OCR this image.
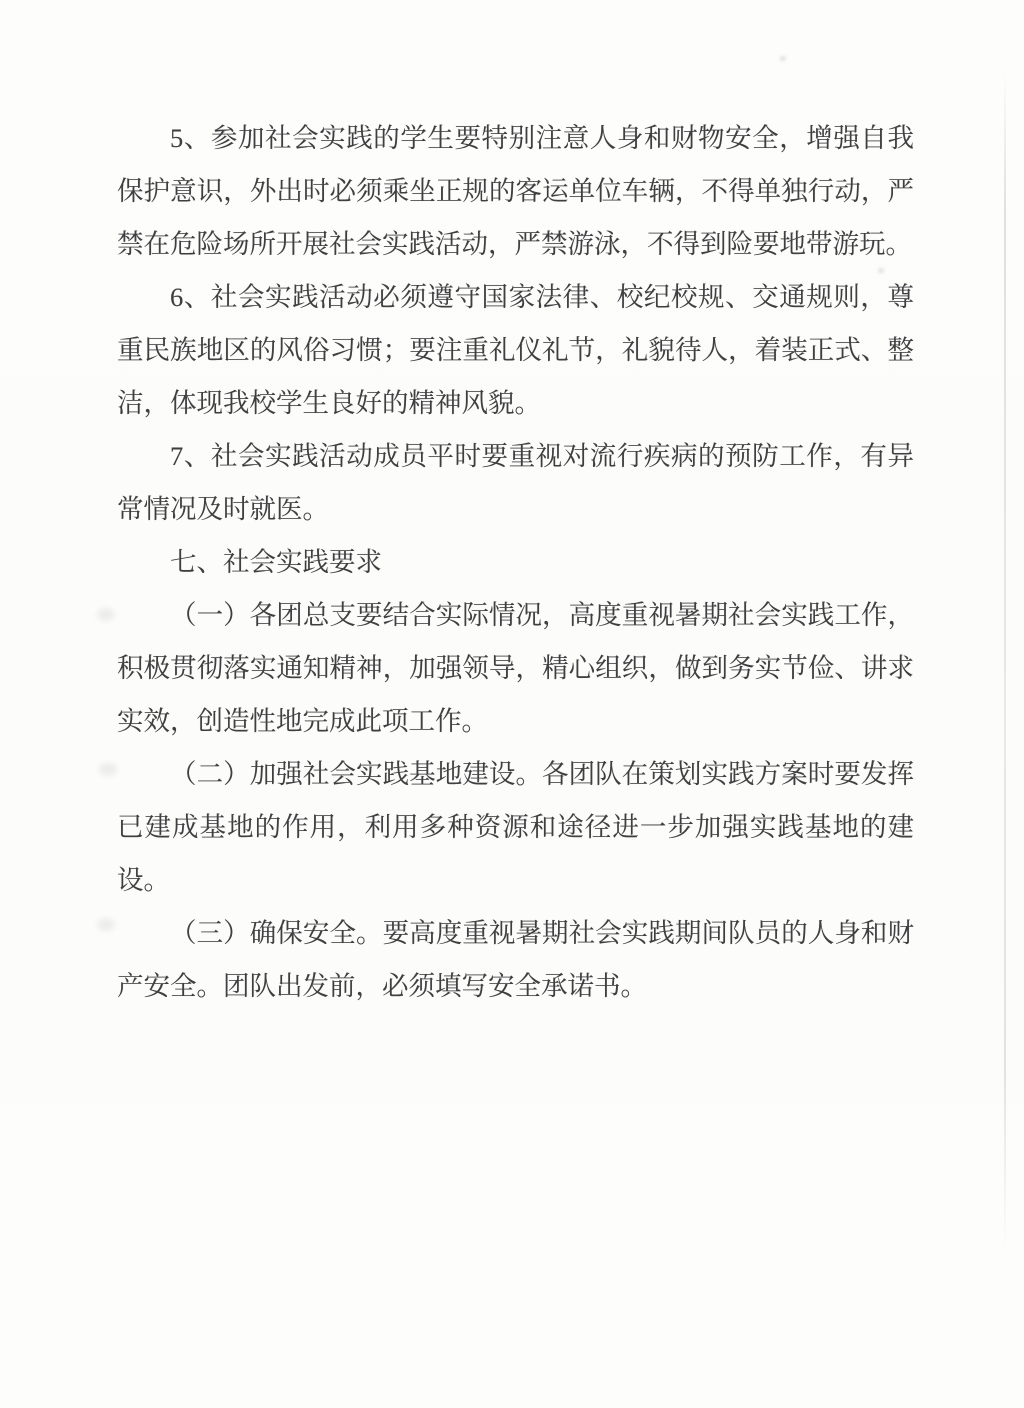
5、参加社会实践的学生要特别注意人身和财物安全，增强自我
保护意识，外出时必须乘坐正规的客运单位车辆，不得单独行动，严
禁在危险场所开展社会实践活动，严禁游泳，不得到险要地带游玩。
6、社会实践活动必须遵守国家法律、校纪校规、交通规则，尊
重民族地区的风俗习惯；要注重礼仪礼节，礼貌待人，着装正式、整
洁，体现我校学生良好的精神风貌。
7、社会实践活动成员平时要重视对流行疾病的预防工作，有异
常情况及时就医。
七、社会实践要求
（一）各团总支要结合实际情况，高度重视暑期社会实践工作，
积极贯彻落实通知精神，加强领导，精心组织，做到务实节俭、讲求
实效，创造性地完成此项工作。
（二）加强社会实践基地建设。各团队在策划实践方案时要发挥
已建成基地的作用，利用多种资源和途径进一步加强实践基地的建
设。
（三）确保安全。要高度重视暑期社会实践期间队员的人身和财
产安全。团队出发前，必须填写安全承诺书。
